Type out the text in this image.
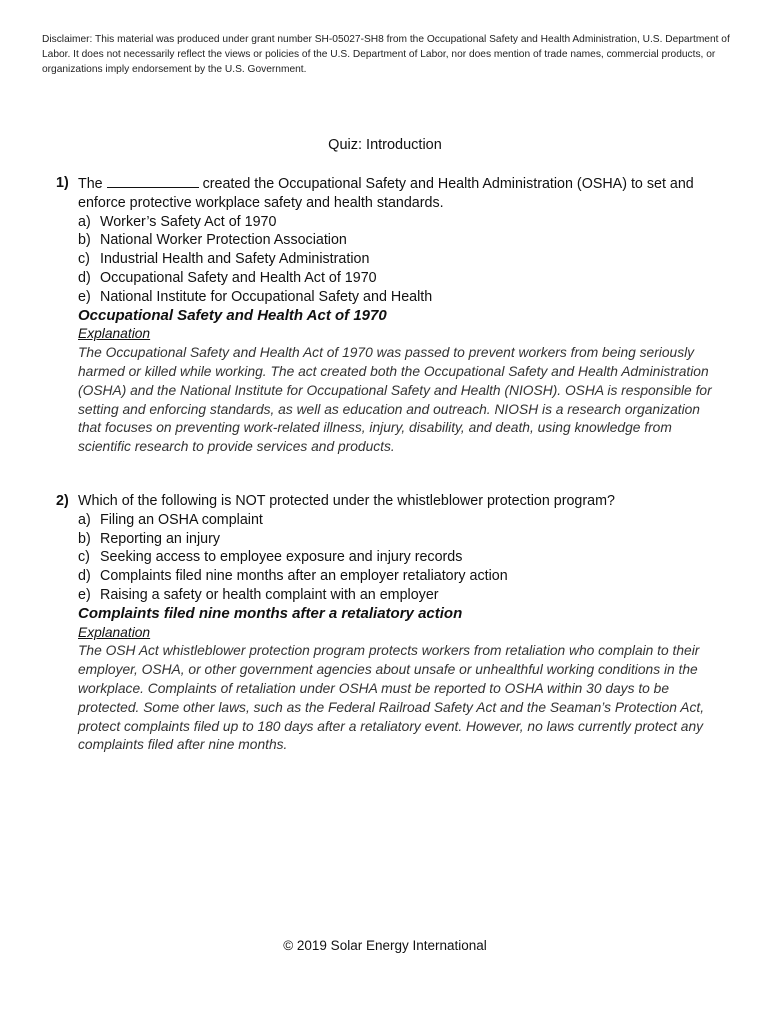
Disclaimer: This material was produced under grant number SH-05027-SH8 from the Occupational Safety and Health Administration, U.S. Department of Labor. It does not necessarily reflect the views or policies of the U.S. Department of Labor, nor does mention of trade names, commercial products, or organizations imply endorsement by the U.S. Government.
Quiz: Introduction
1) The	created the Occupational Safety and Health Administration (OSHA) to set and enforce protective workplace safety and health standards.
a) Worker’s Safety Act of 1970
b) National Worker Protection Association
c) Industrial Health and Safety Administration
d) Occupational Safety and Health Act of 1970
e) National Institute for Occupational Safety and Health
Occupational Safety and Health Act of 1970
Explanation
The Occupational Safety and Health Act of 1970 was passed to prevent workers from being seriously harmed or killed while working. The act created both the Occupational Safety and Health Administration (OSHA) and the National Institute for Occupational Safety and Health (NIOSH). OSHA is responsible for setting and enforcing standards, as well as education and outreach. NIOSH is a research organization that focuses on preventing work-related illness, injury, disability, and death, using knowledge from scientific research to provide services and products.
2) Which of the following is NOT protected under the whistleblower protection program?
a) Filing an OSHA complaint
b) Reporting an injury
c) Seeking access to employee exposure and injury records
d) Complaints filed nine months after an employer retaliatory action
e) Raising a safety or health complaint with an employer
Complaints filed nine months after a retaliatory action
Explanation
The OSH Act whistleblower protection program protects workers from retaliation who complain to their employer, OSHA, or other government agencies about unsafe or unhealthful working conditions in the workplace. Complaints of retaliation under OSHA must be reported to OSHA within 30 days to be protected. Some other laws, such as the Federal Railroad Safety Act and the Seaman’s Protection Act, protect complaints filed up to 180 days after a retaliatory event. However, no laws currently protect any complaints filed after nine months.
© 2019 Solar Energy International
